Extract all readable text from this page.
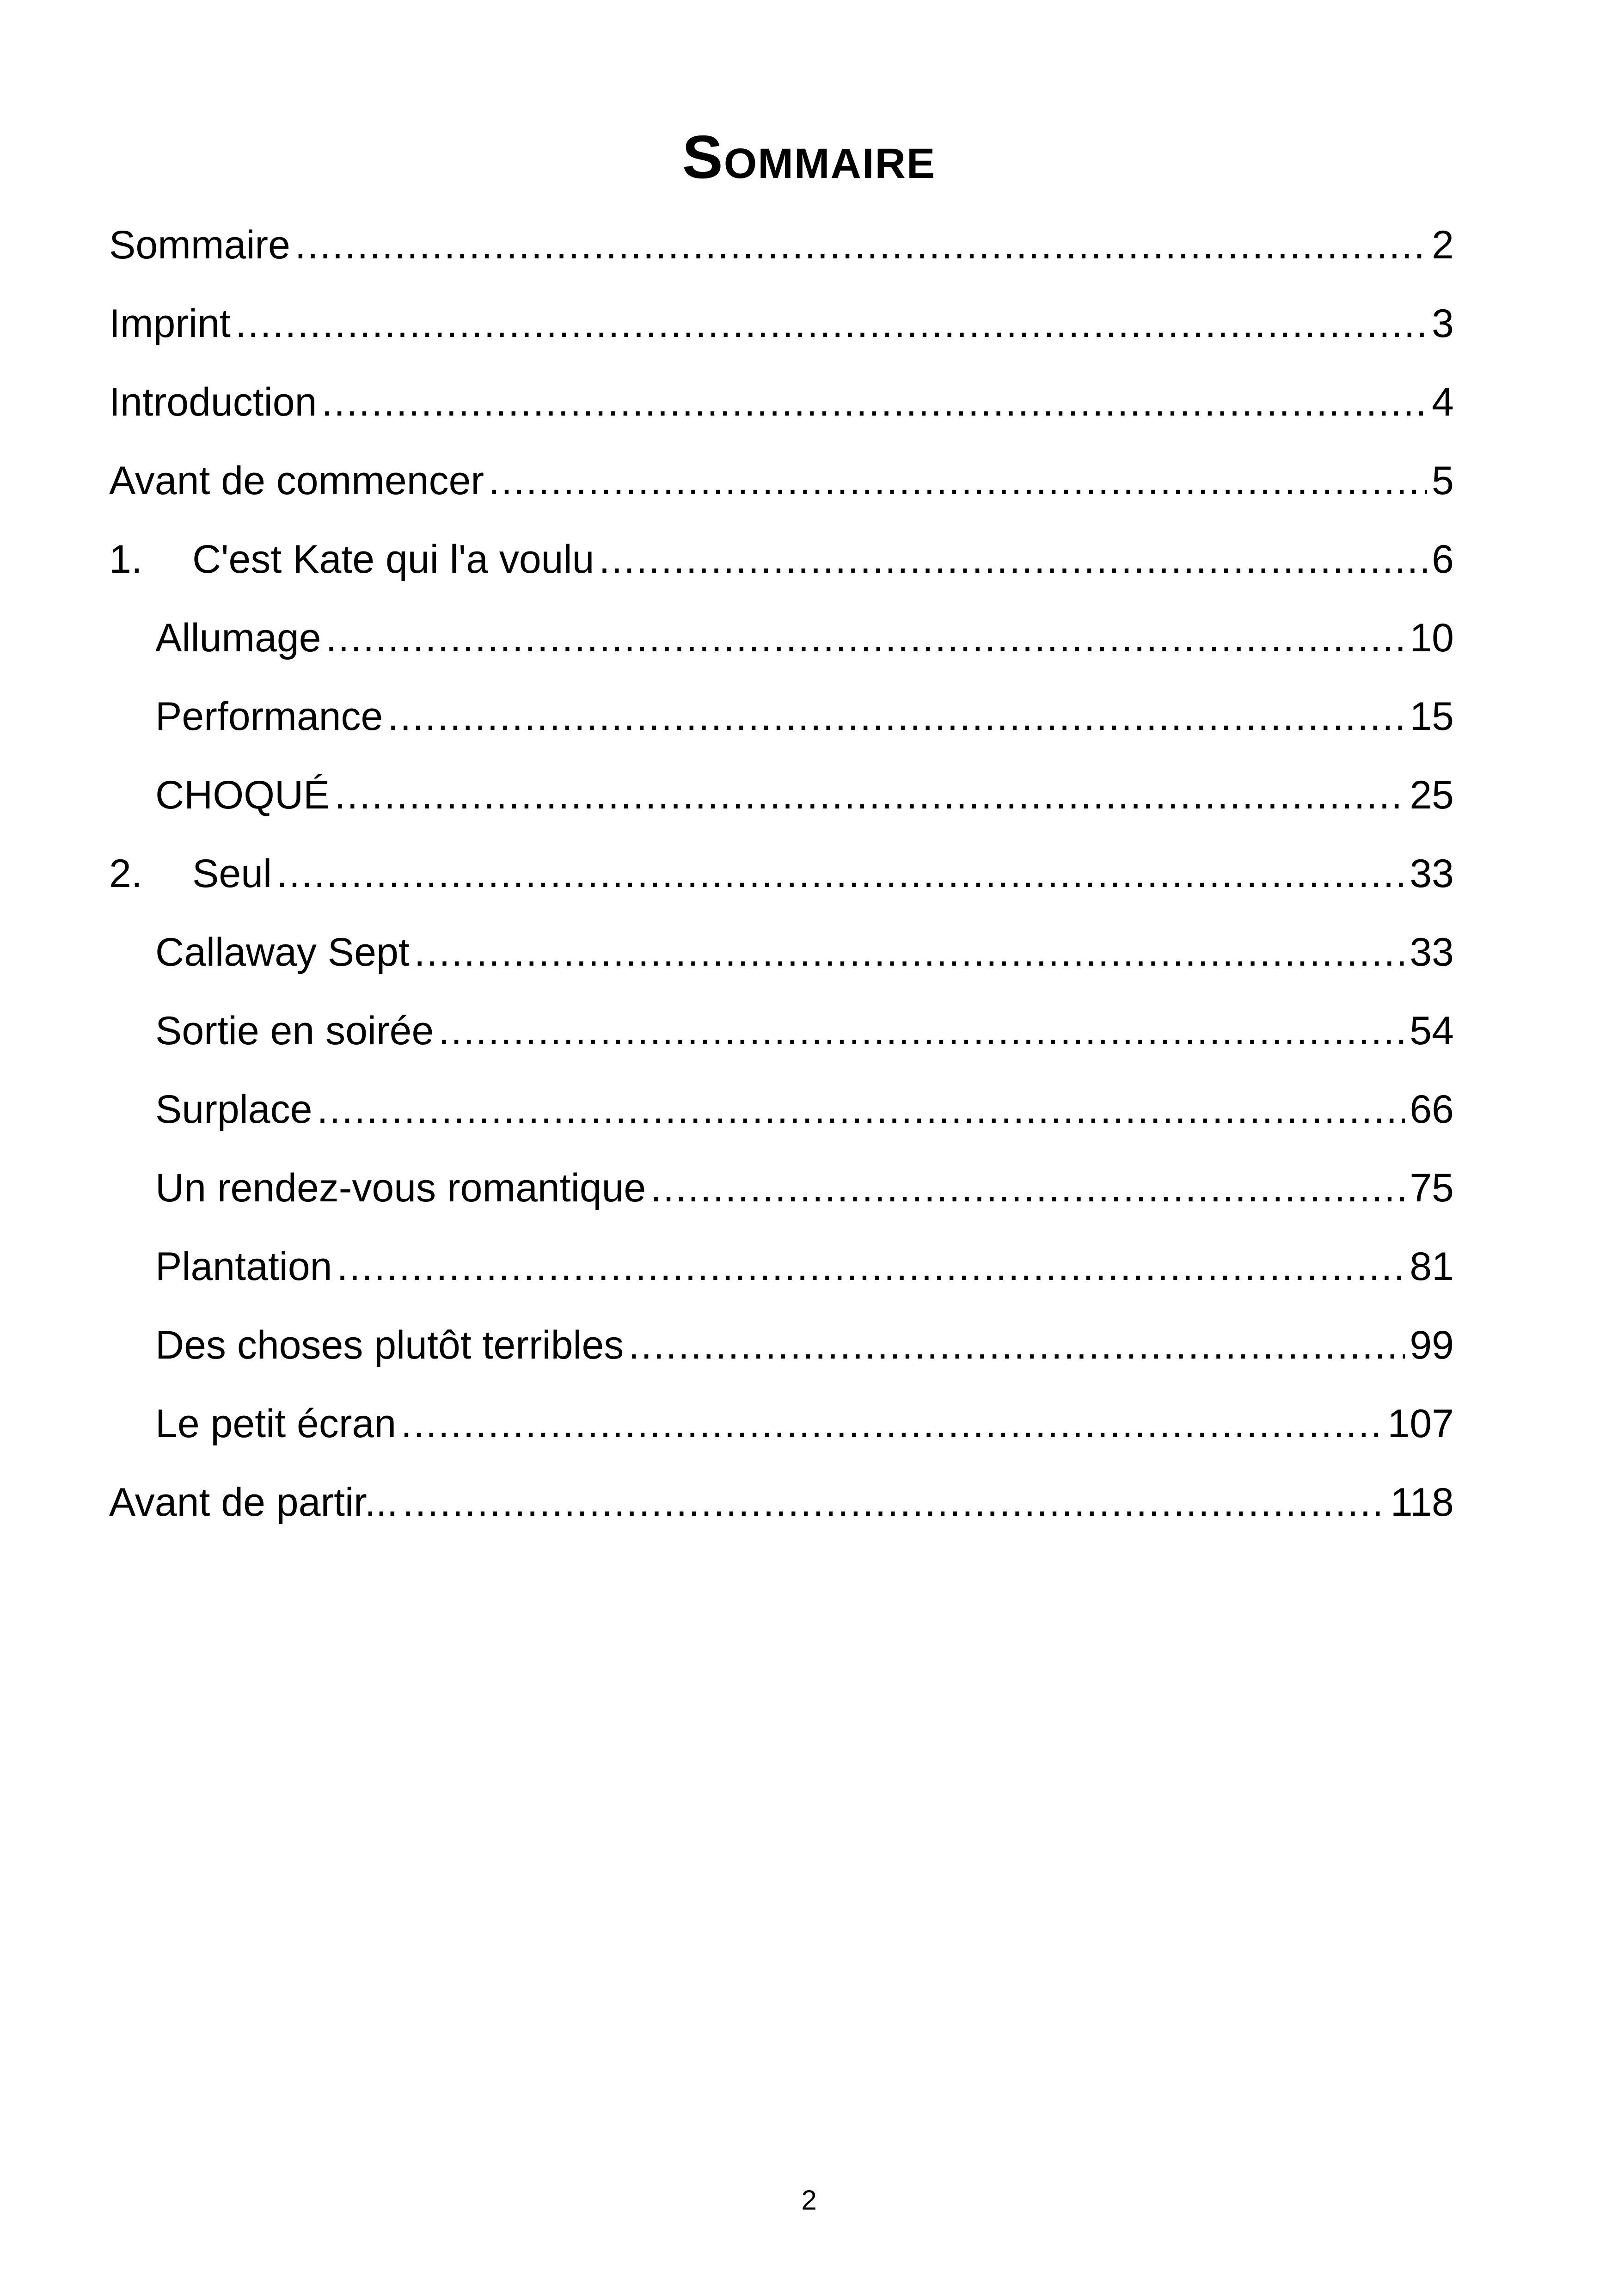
Sommaire
Sommaire .....	2
Imprint .....	3
Introduction .....	4
Avant de commencer .....	5
1.	C'est Kate qui l'a voulu .....	6
Allumage .....	10
Performance .....	15
CHOQUÉ .....	25
2.	Seul .....	33
Callaway Sept .....	33
Sortie en soirée .....	54
Surplace .....	66
Un rendez-vous romantique .....	75
Plantation .....	81
Des choses plutôt terribles .....	99
Le petit écran .....	107
Avant de partir... .....	118
2
